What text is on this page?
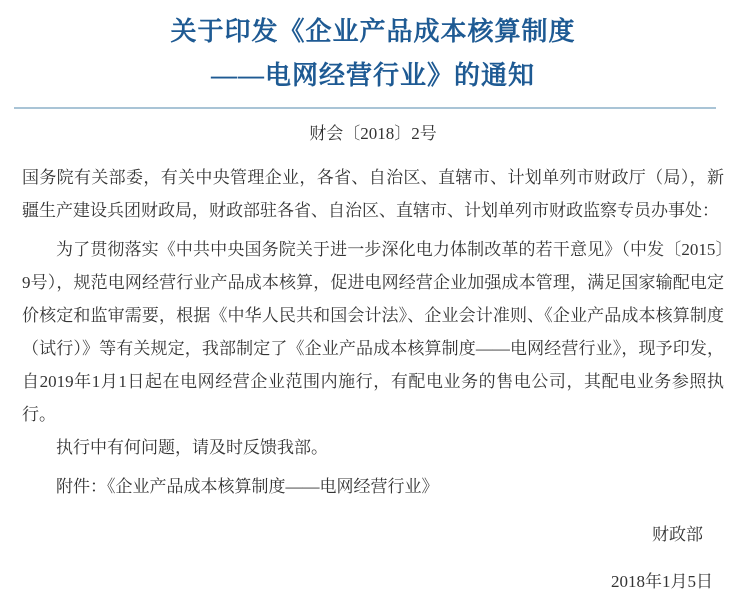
关于印发《企业产品成本核算制度
——电网经营行业》的通知
财会〔2018〕2号

国务院有关部委，有关中央管理企业，各省、自治区、直辖市、计划单列市财政厅（局），新疆生产建设兵团财政局，财政部驻各省、自治区、直辖市、计划单列市财政监察专员办事处：

为了贯彻落实《中共中央国务院关于进一步深化电力体制改革的若干意见》（中发〔2015〕9号），规范电网经营行业产品成本核算，促进电网经营企业加强成本管理，满足国家输配电定价核定和监审需要，根据《中华人民共和国会计法》、企业会计准则、《企业产品成本核算制度（试行）》等有关规定，我部制定了《企业产品成本核算制度——电网经营行业》，现予印发，自2019年1月1日起在电网经营企业范围内施行，有配电业务的售电公司，其配电业务参照执行。

执行中有何问题，请及时反馈我部。

附件：《企业产品成本核算制度——电网经营行业》

财政部
2018年1月5日
